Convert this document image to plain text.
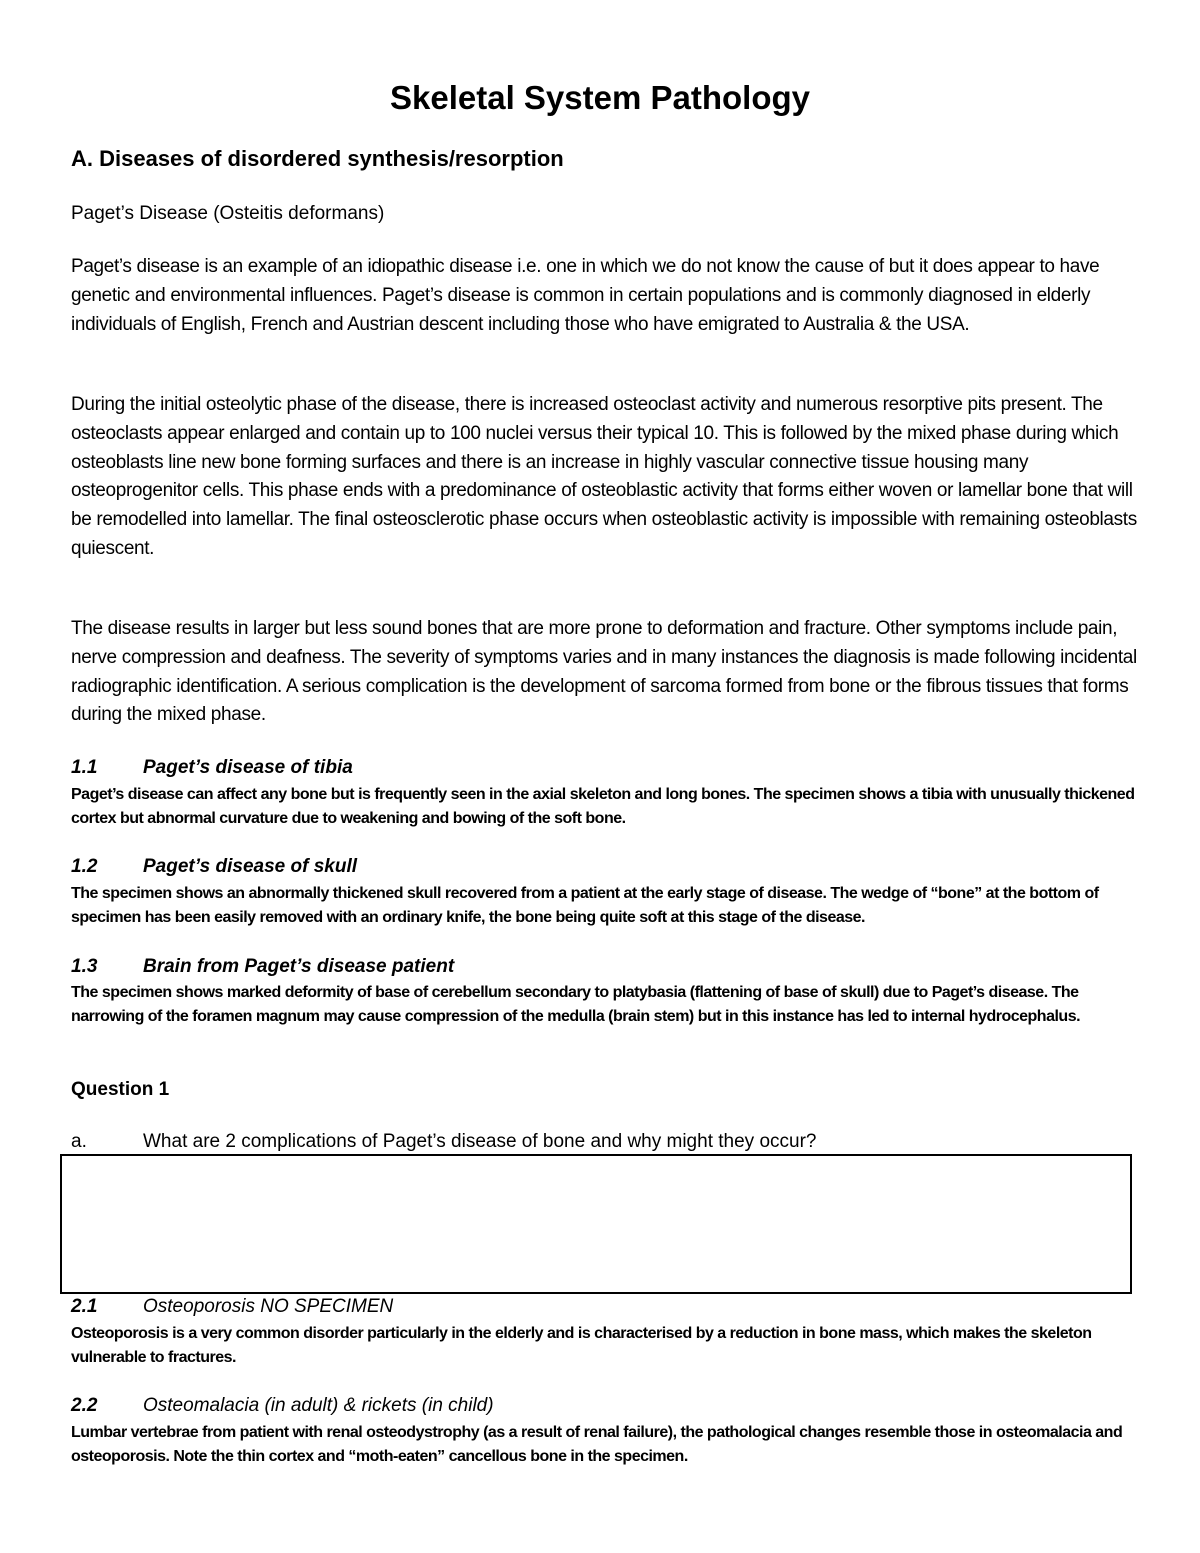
Skeletal System Pathology
A. Diseases of disordered synthesis/resorption

Paget’s Disease (Osteitis deformans)

Paget’s disease is an example of an idiopathic disease i.e. one in which we do not know the cause of but it does appear to have genetic and environmental influences. Paget’s disease is common in certain populations and is commonly diagnosed in elderly individuals of English, French and Austrian descent including those who have emigrated to Australia & the USA.

During the initial osteolytic phase of the disease, there is increased osteoclast activity and numerous resorptive pits present. The osteoclasts appear enlarged and contain up to 100 nuclei versus their typical 10. This is followed by the mixed phase during which osteoblasts line new bone forming surfaces and there is an increase in highly vascular connective tissue housing many osteoprogenitor cells. This phase ends with a predominance of osteoblastic activity that forms either woven or lamellar bone that will be remodelled into lamellar. The final osteosclerotic phase occurs when osteoblastic activity is impossible with remaining osteoblasts quiescent.

The disease results in larger but less sound bones that are more prone to deformation and fracture. Other symptoms include pain, nerve compression and deafness. The severity of symptoms varies and in many instances the diagnosis is made following incidental radiographic identification. A serious complication is the development of sarcoma formed from bone or the fibrous tissues that forms during the mixed phase.

1.1 Paget’s disease of tibia

Paget’s disease can affect any bone but is frequently seen in the axial skeleton and long bones. The specimen shows a tibia with unusually thickened cortex but abnormal curvature due to weakening and bowing of the soft bone.

1.2 Paget’s disease of skull

The specimen shows an abnormally thickened skull recovered from a patient at the early stage of disease. The wedge of “bone” at the bottom of specimen has been easily removed with an ordinary knife, the bone being quite soft at this stage of the disease.

1.3 Brain from Paget’s disease patient

The specimen shows marked deformity of base of cerebellum secondary to platybasia (flattening of base of skull) due to Paget’s disease. The narrowing of the foramen magnum may cause compression of the medulla (brain stem) but in this instance has led to internal hydrocephalus.

Question 1

a.	What are 2 complications of Paget’s disease of bone and why might they occur?

2.1 Osteoporosis NO SPECIMEN

Osteoporosis is a very common disorder particularly in the elderly and is characterised by a reduction in bone mass, which makes the skeleton vulnerable to fractures.

2.2 Osteomalacia (in adult) & rickets (in child)

Lumbar vertebrae from patient with renal osteodystrophy (as a result of renal failure), the pathological changes resemble those in osteomalacia and osteoporosis. Note the thin cortex and “moth-eaten” cancellous bone in the specimen.
